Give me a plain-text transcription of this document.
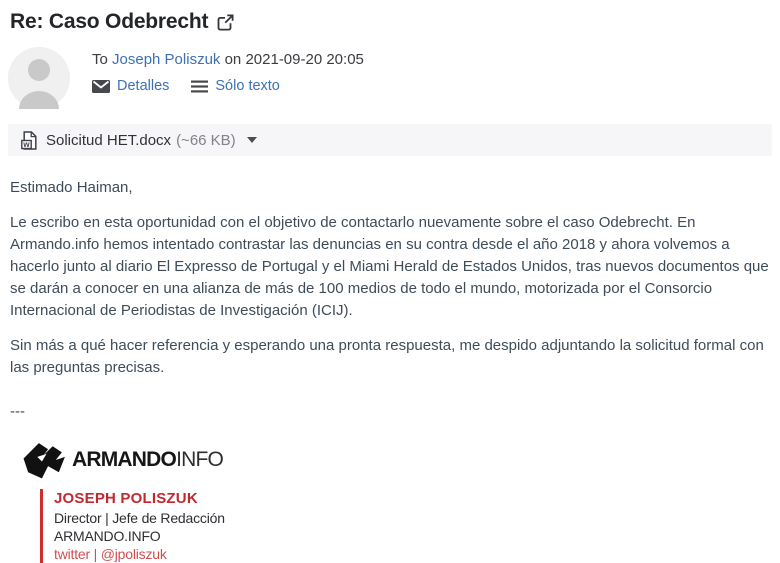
Re: Caso Odebrecht
To Joseph Poliszuk on 2021-09-20 20:05
Detalles	Sólo texto
w Solicitud HET.docx (~66 KB)

Estimado Haiman,

Le escribo en esta oportunidad con el objetivo de contactarlo nuevamente sobre el caso Odebrecht. En Armando.info hemos intentado contrastar las denuncias en su contra desde el año 2018 y ahora volvemos a hacerlo junto al diario El Expresso de Portugal y el Miami Herald de Estados Unidos, tras nuevos documentos que se darán a conocer en una alianza de más de 100 medios de todo el mundo, motorizada por el Consorcio Internacional de Periodistas de Investigación (ICIJ).

Sin más a qué hacer referencia y esperando una pronta respuesta, me despido adjuntando la solicitud formal con las preguntas precisas.

---

ARMANDOINFO
JOSEPH POLISZUK
Director | Jefe de Redacción
ARMANDO.INFO
twitter | @jpoliszuk
